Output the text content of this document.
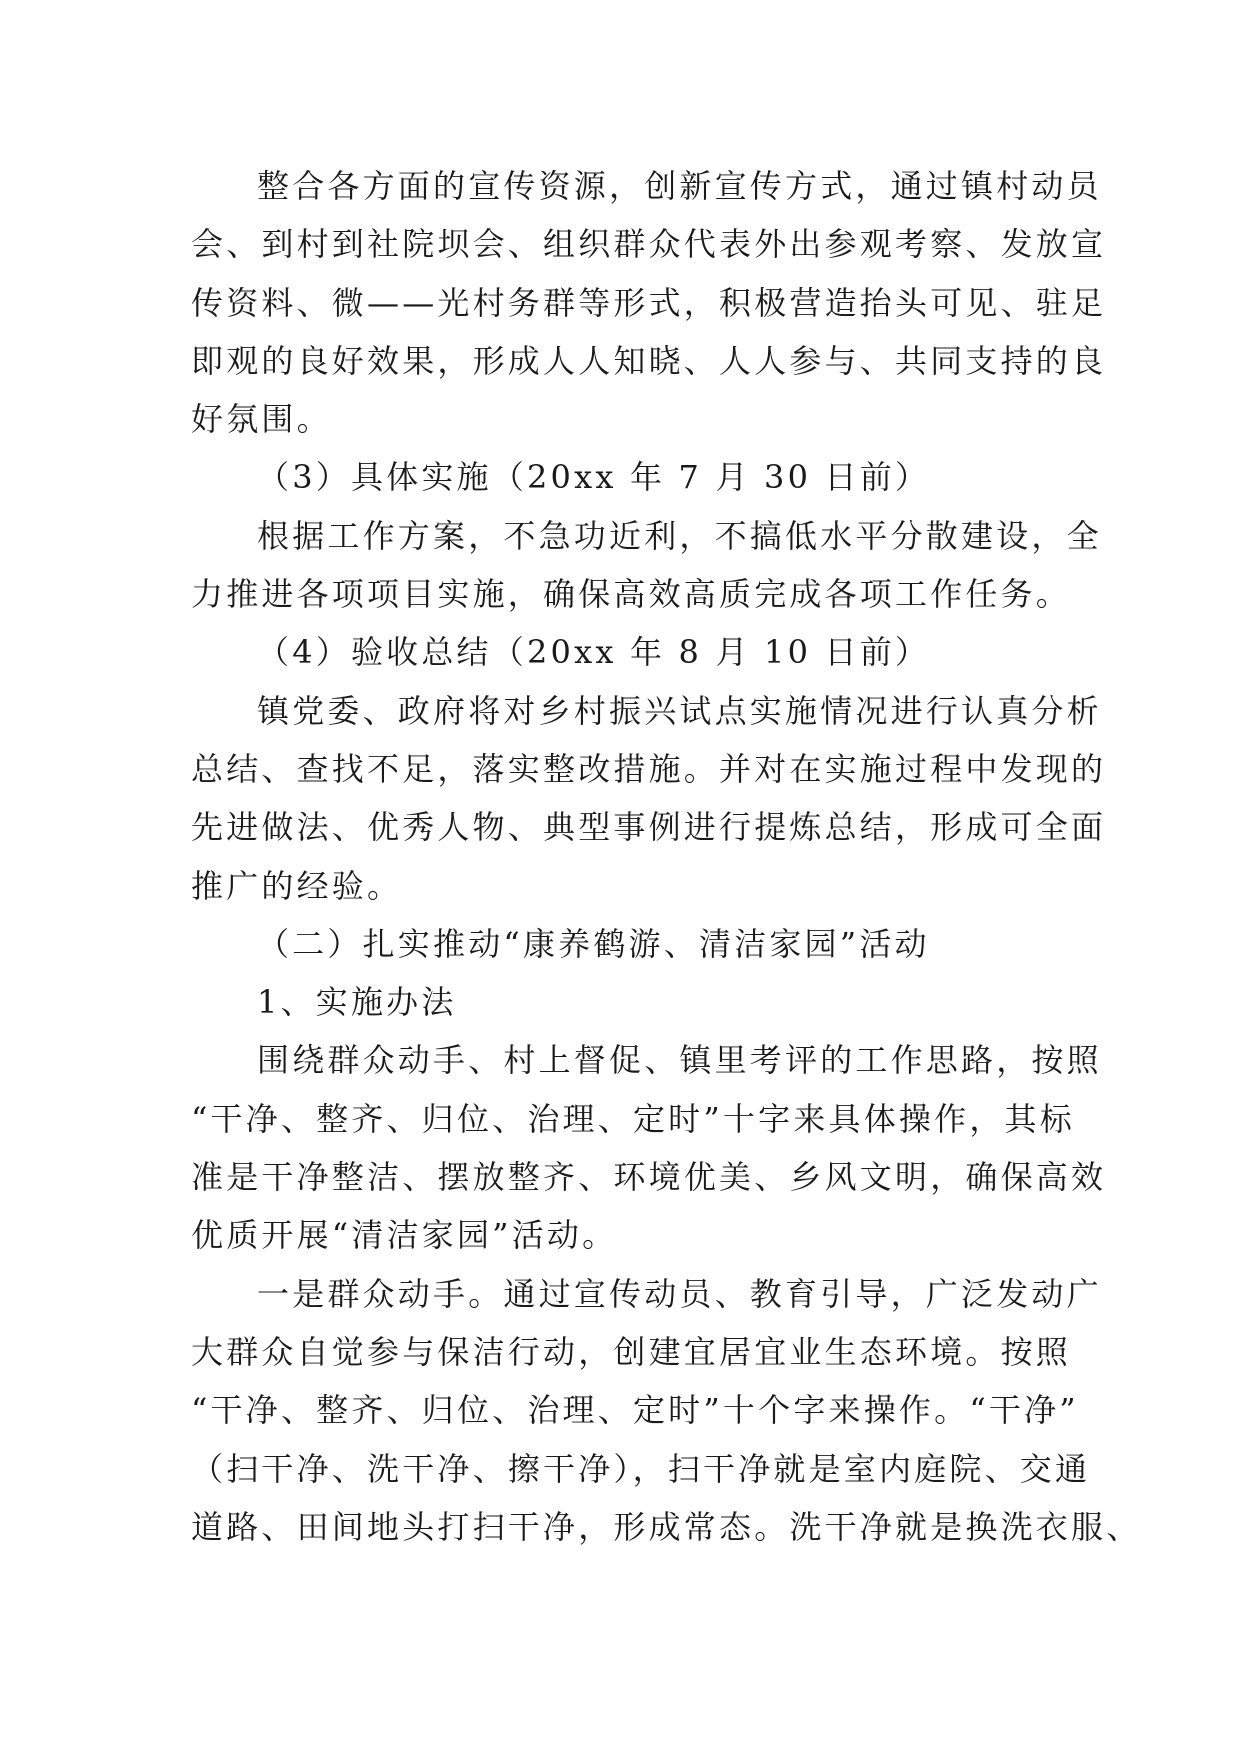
整合各方面的宣传资源，创新宣传方式，通过镇村动员
会、到村到社院坝会、组织群众代表外出参观考察、发放宣
传资料、微——光村务群等形式，积极营造抬头可见、驻足
即观的良好效果，形成人人知晓、人人参与、共同支持的良
好氛围。
（3）具体实施（20xx 年 7 月 30 日前）
根据工作方案，不急功近利，不搞低水平分散建设，全
力推进各项项目实施，确保高效高质完成各项工作任务。
（4）验收总结（20xx 年 8 月 10 日前）
镇党委、政府将对乡村振兴试点实施情况进行认真分析
总结、查找不足，落实整改措施。并对在实施过程中发现的
先进做法、优秀人物、典型事例进行提炼总结，形成可全面
推广的经验。
（二）扎实推动“康养鹤游、清洁家园”活动
1、实施办法
围绕群众动手、村上督促、镇里考评的工作思路，按照
“干净、整齐、归位、治理、定时”十字来具体操作，其标
准是干净整洁、摆放整齐、环境优美、乡风文明，确保高效
优质开展“清洁家园”活动。
一是群众动手。通过宣传动员、教育引导，广泛发动广
大群众自觉参与保洁行动，创建宜居宜业生态环境。按照
“干净、整齐、归位、治理、定时”十个字来操作。“干净”
（扫干净、洗干净、擦干净），扫干净就是室内庭院、交通
道路、田间地头打扫干净，形成常态。洗干净就是换洗衣服、
